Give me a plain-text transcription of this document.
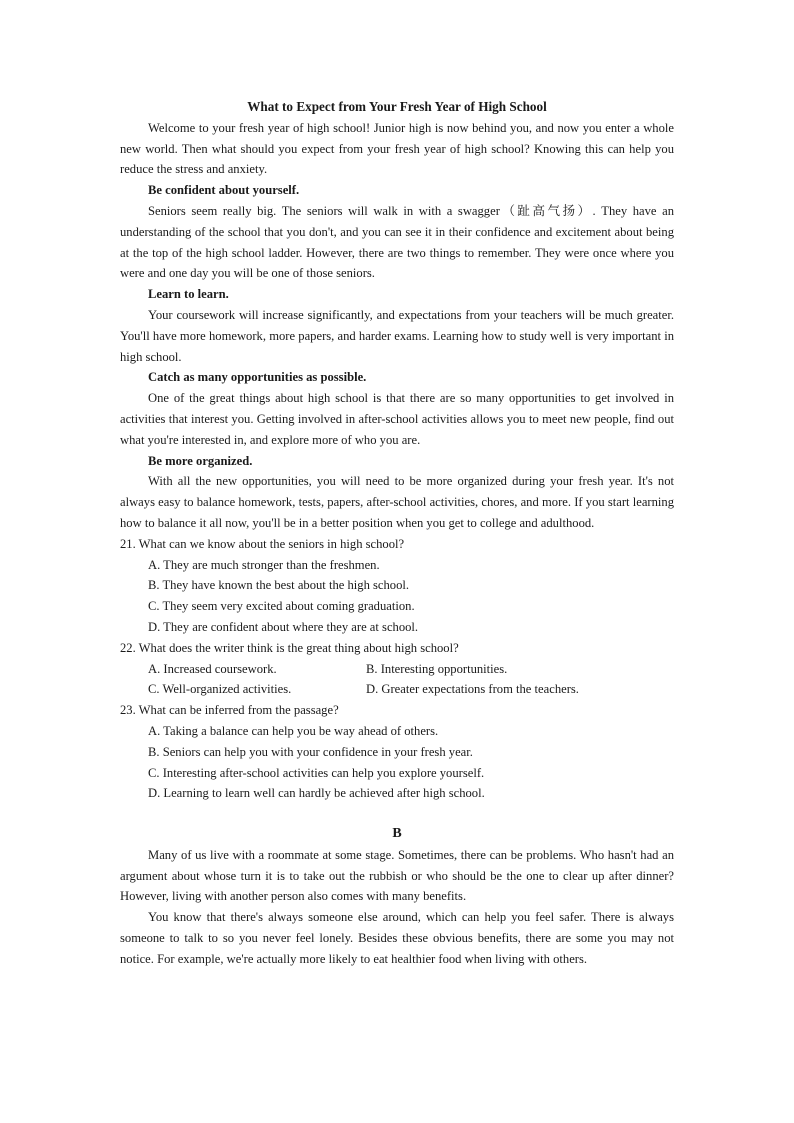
What to Expect from Your Fresh Year of High School

Welcome to your fresh year of high school! Junior high is now behind you, and now you enter a whole new world. Then what should you expect from your fresh year of high school? Knowing this can help you reduce the stress and anxiety.

Be confident about yourself.

Seniors seem really big. The seniors will walk in with a swagger（趾高气扬）. They have an understanding of the school that you don't, and you can see it in their confidence and excitement about being at the top of the high school ladder. However, there are two things to remember. They were once where you were and one day you will be one of those seniors.

Learn to learn.

Your coursework will increase significantly, and expectations from your teachers will be much greater. You'll have more homework, more papers, and harder exams. Learning how to study well is very important in high school.

Catch as many opportunities as possible.

One of the great things about high school is that there are so many opportunities to get involved in activities that interest you. Getting involved in after-school activities allows you to meet new people, find out what you're interested in, and explore more of who you are.

Be more organized.

With all the new opportunities, you will need to be more organized during your fresh year. It's not always easy to balance homework, tests, papers, after-school activities, chores, and more. If you start learning how to balance it all now, you'll be in a better position when you get to college and adulthood.

21. What can we know about the seniors in high school?

A. They are much stronger than the freshmen.

B. They have known the best about the high school.

C. They seem very excited about coming graduation.

D. They are confident about where they are at school.

22. What does the writer think is the great thing about high school?

A. Increased coursework.	B. Interesting opportunities.
C. Well-organized activities.	D. Greater expectations from the teachers.

23. What can be inferred from the passage?

A. Taking a balance can help you be way ahead of others.

B. Seniors can help you with your confidence in your fresh year.

C. Interesting after-school activities can help you explore yourself.

D. Learning to learn well can hardly be achieved after high school.

B

Many of us live with a roommate at some stage. Sometimes, there can be problems. Who hasn't had an argument about whose turn it is to take out the rubbish or who should be the one to clear up after dinner? However, living with another person also comes with many benefits.

You know that there's always someone else around, which can help you feel safer. There is always someone to talk to so you never feel lonely. Besides these obvious benefits, there are some you may not notice. For example, we're actually more likely to eat healthier food when living with others.
